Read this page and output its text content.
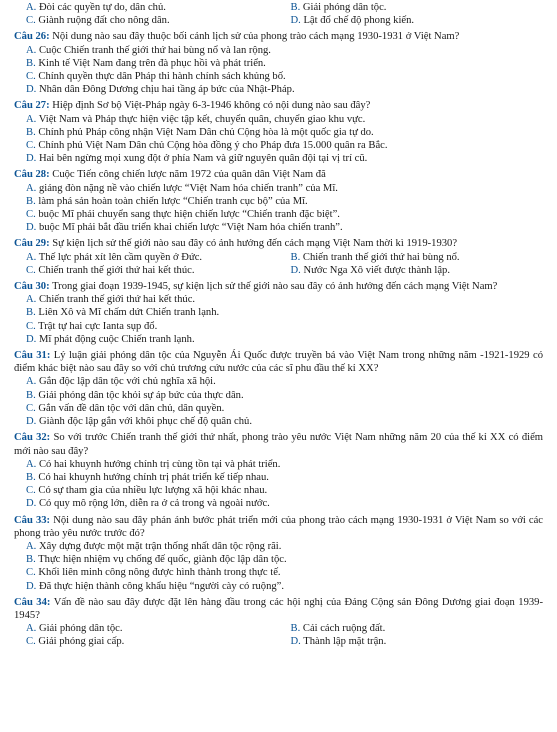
A. Đòi các quyền tự do, dân chủ.	B. Giải phóng dân tộc.
C. Giành ruộng đất cho nông dân.	D. Lật đổ chế độ phong kiến.
Câu 26: Nội dung nào sau đây thuộc bối cảnh lịch sử của phong trào cách mạng 1930-1931 ở Việt Nam?
A. Cuộc Chiến tranh thế giới thứ hai bùng nổ và lan rộng.
B. Kinh tế Việt Nam đang trên đà phục hồi và phát triển.
C. Chính quyền thực dân Pháp thi hành chính sách khủng bố.
D. Nhân dân Đông Dương chịu hai tầng áp bức của Nhật-Pháp.
Câu 27: Hiệp định Sơ bộ Việt-Pháp ngày 6-3-1946 không có nội dung nào sau đây?
A. Việt Nam và Pháp thực hiện việc tập kết, chuyển quân, chuyển giao khu vực.
B. Chính phủ Pháp công nhận Việt Nam Dân chủ Cộng hòa là một quốc gia tự do.
C. Chính phủ Việt Nam Dân chủ Cộng hòa đồng ý cho Pháp đưa 15.000 quân ra Bắc.
D. Hai bên ngừng mọi xung đột ở phía Nam và giữ nguyên quân đội tại vị trí cũ.
Câu 28: Cuộc Tiến công chiến lược năm 1972 của quân dân Việt Nam đã
A. giáng đòn nặng nề vào chiến lược “Việt Nam hóa chiến tranh” của Mĩ.
B. làm phá sản hoàn toàn chiến lược “Chiến tranh cục bộ” của Mĩ.
C. buộc Mĩ phải chuyển sang thực hiện chiến lược “Chiến tranh đặc biệt”.
D. buộc Mĩ phải bắt đầu triển khai chiến lược “Việt Nam hóa chiến tranh”.
Câu 29: Sự kiện lịch sử thế giới nào sau đây có ảnh hưởng đến cách mạng Việt Nam thời kì 1919-1930?
A. Thế lực phát xít lên cầm quyền ở Đức.	B. Chiến tranh thế giới thứ hai bùng nổ.
C. Chiến tranh thế giới thứ hai kết thúc.	D. Nước Nga Xô viết được thành lập.
Câu 30: Trong giai đoạn 1939-1945, sự kiện lịch sử thế giới nào sau đây có ảnh hưởng đến cách mạng Việt Nam?
A. Chiến tranh thế giới thứ hai kết thúc.
B. Liên Xô và Mĩ chấm dứt Chiến tranh lạnh.
C. Trật tự hai cực Ianta sụp đổ.
D. Mĩ phát động cuộc Chiến tranh lạnh.
Câu 31: Lý luận giải phóng dân tộc của Nguyễn Ái Quốc được truyền bá vào Việt Nam trong những năm -1921-1929 có điểm khác biệt nào sau đây so với chủ trương cứu nước của các sĩ phu đầu thế kỉ XX?
A. Gắn độc lập dân tộc với chủ nghĩa xã hội.
B. Giải phóng dân tộc khỏi sự áp bức của thực dân.
C. Gắn vấn đề dân tộc với dân chủ, dân quyền.
D. Giành độc lập gắn với khôi phục chế độ quân chủ.
Câu 32: So với trước Chiến tranh thế giới thứ nhất, phong trào yêu nước Việt Nam những năm 20 của thế kỉ XX có điểm mới nào sau đây?
A. Có hai khuynh hướng chính trị cùng tồn tại và phát triển.
B. Có hai khuynh hướng chính trị phát triển kế tiếp nhau.
C. Có sự tham gia của nhiều lực lượng xã hội khác nhau.
D. Có quy mô rộng lớn, diễn ra ở cả trong và ngoài nước.
Câu 33: Nội dung nào sau đây phản ánh bước phát triển mới của phong trào cách mạng 1930-1931 ở Việt Nam so với các phong trào yêu nước trước đó?
A. Xây dựng được một mặt trận thống nhất dân tộc rộng rãi.
B. Thực hiện nhiệm vụ chống đế quốc, giành độc lập dân tộc.
C. Khối liên minh công nông được hình thành trong thực tế.
D. Đã thực hiện thành công khẩu hiệu “người cày có ruộng”.
Câu 34: Vấn đề nào sau đây được đặt lên hàng đầu trong các hội nghị của Đảng Cộng sản Đông Dương giai đoạn 1939-1945?
A. Giải phóng dân tộc.	B. Cải cách ruộng đất.
C. Giải phóng giai cấp.	D. Thành lập mặt trận.
